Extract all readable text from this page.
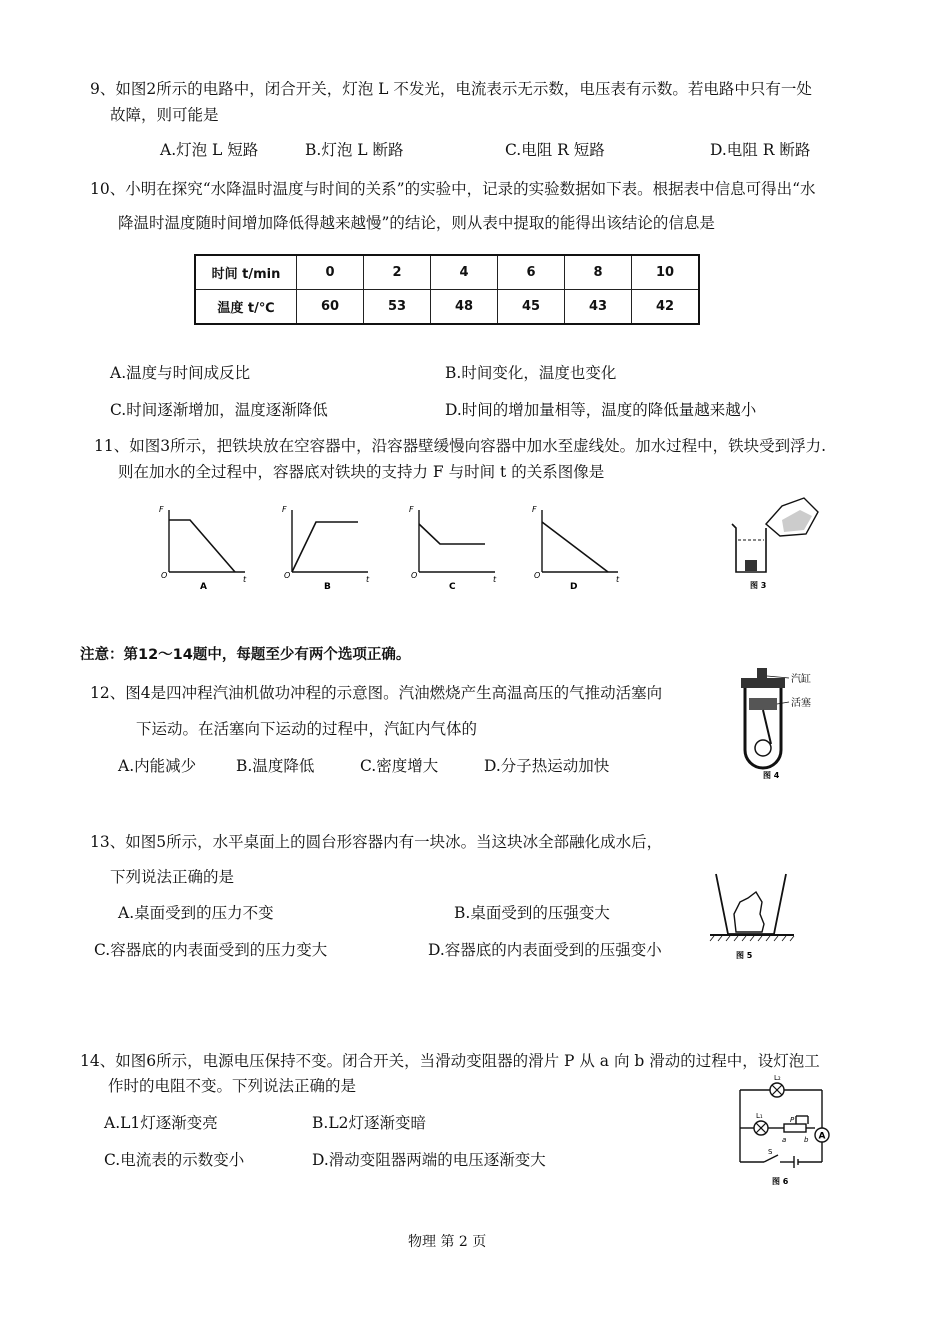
9、如图2所示的电路中，闭合开关，灯泡 L 不发光，电流表示无示数，电压表有示数。若电路中只有一处
故障，则可能是
A.灯泡 L 短路	B.灯泡 L 断路	C.电阻 R 短路	D.电阻 R 断路
10、小明在探究“水降温时温度与时间的关系”的实验中，记录的实验数据如下表。根据表中信息可得出“水
降温时温度随时间增加降低得越来越慢”的结论，则从表中提取的能得出该结论的信息是
时间 t/min	0	2	4	6	8	10
温度 t/℃	60	53	48	45	43	42
A.温度与时间成反比	B.时间变化，温度也变化
C.时间逐渐增加，温度逐渐降低	D.时间的增加量相等，温度的降低量越来越小
11、如图3所示，把铁块放在空容器中，沿容器壁缓慢向容器中加水至虚线处。加水过程中，铁块受到浮力.
则在加水的全过程中，容器底对铁块的支持力 F 与时间 t 的关系图像是
F
t
O
A
F
t
O
B
F
t
O
C
F
t
O
D	图 3
注意：第12～14题中，每题至少有两个选项正确。
12、图4是四冲程汽油机做功冲程的示意图。汽油燃烧产生高温高压的气推动活塞向
下运动。在活塞向下运动的过程中，汽缸内气体的
A.内能减少	B.温度降低	C.密度增大	D.分子热运动加快
汽缸
活塞
图 4
13、如图5所示，水平桌面上的圆台形容器内有一块冰。当这块冰全部融化成水后，
下列说法正确的是
A.桌面受到的压力不变	B.桌面受到的压强变大
C.容器底的内表面受到的压力变大	D.容器底的内表面受到的压强变小	图 5
14、如图6所示，电源电压保持不变。闭合开关，当滑动变阻器的滑片 P 从 a 向 b 滑动的过程中，设灯泡工
作时的电阻不变。下列说法正确的是
A.L1灯逐渐变亮	B.L2灯逐渐变暗
C.电流表的示数变小	D.滑动变阻器两端的电压逐渐变大
A
L₂
L₁	P
a	b
S
图 6
物理 第 2 页
